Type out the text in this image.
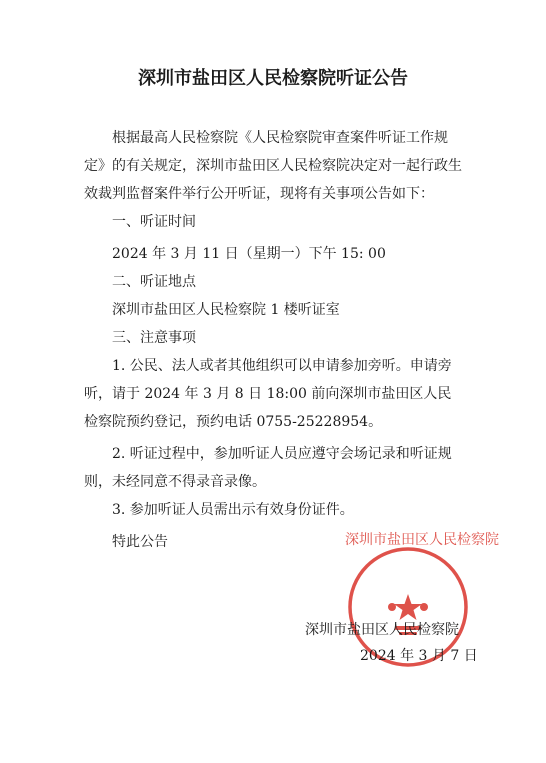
深圳市盐田区人民检察院听证公告

根据最高人民检察院《人民检察院审查案件听证工作规定》的有关规定，深圳市盐田区人民检察院决定对一起行政生效裁判监督案件举行公开听证，现将有关事项公告如下：

一、听证时间

2024 年 3 月 11 日（星期一）下午 15: 00

二、听证地点

深圳市盐田区人民检察院 1 楼听证室

三、注意事项

1. 公民、法人或者其他组织可以申请参加旁听。申请旁听，请于 2024 年 3 月 8 日 18:00 前向深圳市盐田区人民检察院预约登记，预约电话 0755-25228954。

2. 听证过程中，参加听证人员应遵守会场记录和听证规则，未经同意不得录音录像。

3. 参加听证人员需出示有效身份证件。

特此公告	深圳市盐田区人民检察院
深圳市盐田区人民检察院
2024 年 3 月 7 日
